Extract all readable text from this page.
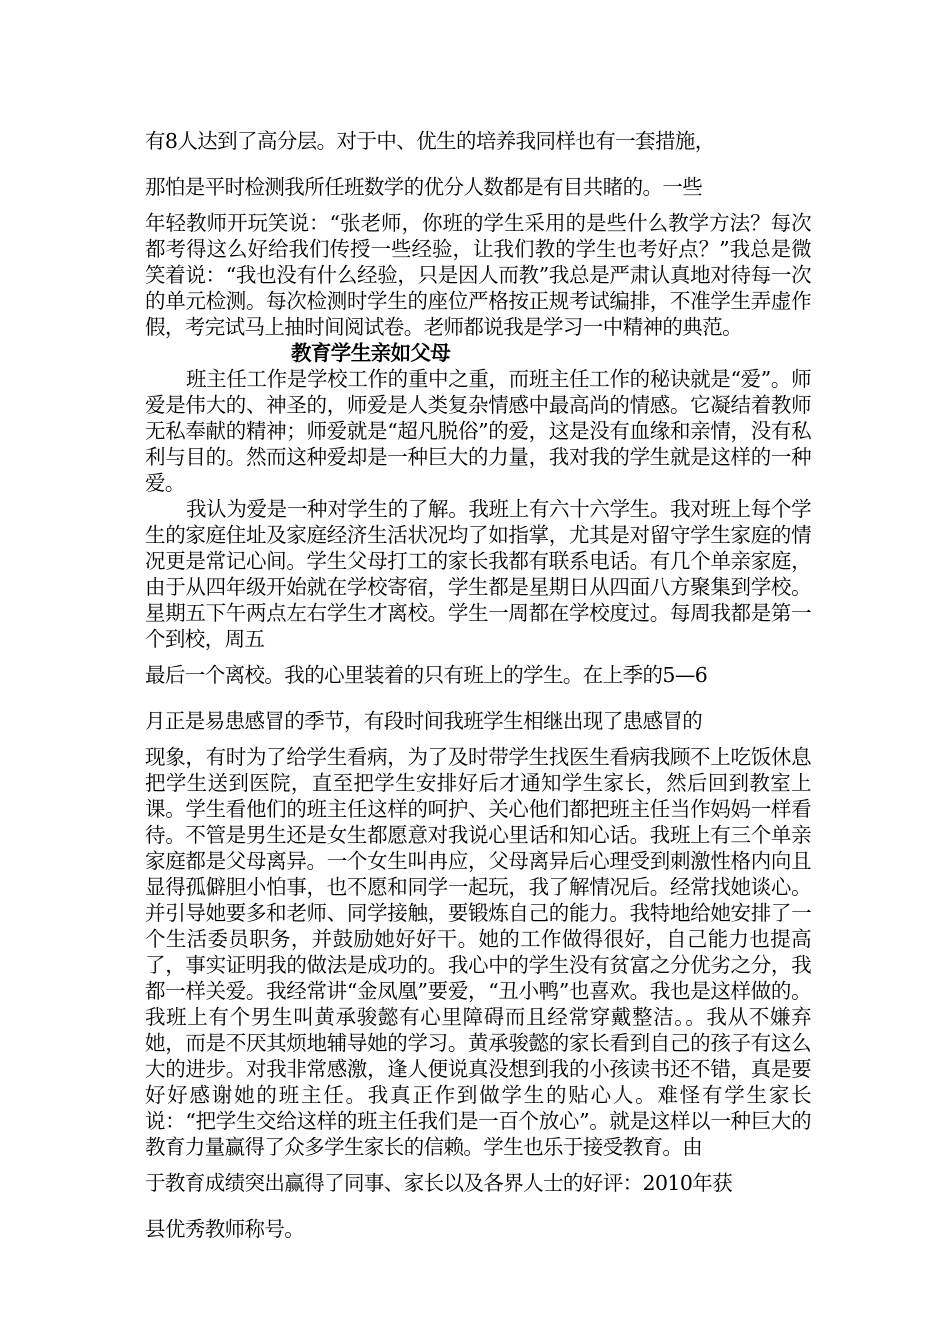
有8人达到了高分层。对于中、优生的培养我同样也有一套措施，

那怕是平时检测我所任班数学的优分人数都是有目共睹的。一些

年轻教师开玩笑说：“张老师，你班的学生采用的是些什么教学方法？每次都考得这么好给我们传授一些经验，让我们教的学生也考好点？”我总是微笑着说：“我也没有什么经验，只是因人而教”我总是严肃认真地对待每一次的单元检测。每次检测时学生的座位严格按正规考试编排，不准学生弄虚作假，考完试马上抽时间阅试卷。老师都说我是学习一中精神的典范。

教育学生亲如父母

班主任工作是学校工作的重中之重，而班主任工作的秘诀就是“爱”。师爱是伟大的、神圣的，师爱是人类复杂情感中最高尚的情感。它凝结着教师无私奉献的精神；师爱就是“超凡脱俗”的爱，这是没有血缘和亲情，没有私利与目的。然而这种爱却是一种巨大的力量，我对我的学生就是这样的一种爱。

我认为爱是一种对学生的了解。我班上有六十六学生。我对班上每个学生的家庭住址及家庭经济生活状况均了如指掌，尤其是对留守学生家庭的情况更是常记心间。学生父母打工的家长我都有联系电话。有几个单亲家庭，由于从四年级开始就在学校寄宿，学生都是星期日从四面八方聚集到学校。星期五下午两点左右学生才离校。学生一周都在学校度过。每周我都是第一个到校，周五

最后一个离校。我的心里装着的只有班上的学生。在上季的5—6

月正是易患感冒的季节，有段时间我班学生相继出现了患感冒的

现象，有时为了给学生看病，为了及时带学生找医生看病我顾不上吃饭休息把学生送到医院，直至把学生安排好后才通知学生家长，然后回到教室上课。学生看他们的班主任这样的呵护、关心他们都把班主任当作妈妈一样看待。不管是男生还是女生都愿意对我说心里话和知心话。我班上有三个单亲家庭都是父母离异。一个女生叫冉应，父母离异后心理受到刺激性格内向且显得孤僻胆小怕事，也不愿和同学一起玩，我了解情况后。经常找她谈心。并引导她要多和老师、同学接触，要锻炼自己的能力。我特地给她安排了一个生活委员职务，并鼓励她好好干。她的工作做得很好，自己能力也提高了，事实证明我的做法是成功的。我心中的学生没有贫富之分优劣之分，我都一样关爱。我经常讲“金凤凰”要爱，“丑小鸭”也喜欢。我也是这样做的。我班上有个男生叫黄承骏懿有心里障碍而且经常穿戴整洁。。我从不嫌弃她，而是不厌其烦地辅导她的学习。黄承骏懿的家长看到自己的孩子有这么大的进步。对我非常感激，逢人便说真没想到我的小孩读书还不错，真是要好好感谢她的班主任。我真正作到做学生的贴心人。难怪有学生家长说：“把学生交给这样的班主任我们是一百个放心”。就是这样以一种巨大的教育力量赢得了众多学生家长的信赖。学生也乐于接受教育。由

于教育成绩突出赢得了同事、家长以及各界人士的好评：2010年获

县优秀教师称号。
